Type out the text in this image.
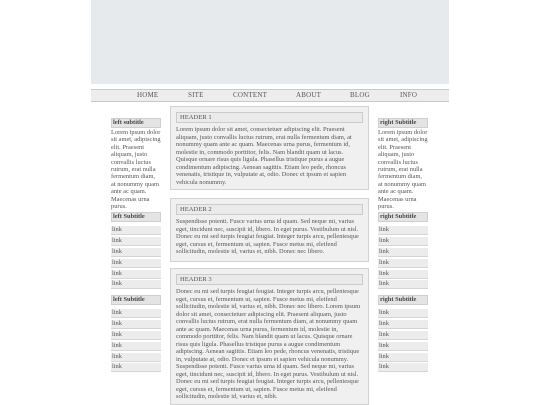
HOME	SITE	CONTENT	ABOUT	BLOG	INFO
left subtitle
Lorem ipsum dolor sit amet, adipiscing elit. Praesent aliquam, justo convallis luctus rutrum, erat nulla fermentum diam, at nonummy quam ante ac quam. Maecenas urna purus.
left Subtitle
link
link
link
link
link
link
left Subtitle
link
link
link
link
link
link
HEADER 1
Lorem ipsum dolor sit amet, consectetuer adipiscing elit. Praesent aliquam, justo convallis luctus rutrum, erat nulla fermentum diam, at nonummy quam ante ac quam. Maecenas urna purus, fermentum id, molestie in, commodo porttitor, felis. Nam blandit quam ut lacus. Quisque ornare risus quis ligula. Phasellus tristique purus a augue condimentum adipiscing. Aenean sagittis. Etiam leo pede, rhoncus venenatis, tristique in, vulputate at, odio. Donec et ipsum et sapien vehicula nonummy.
HEADER 2
Suspendisse potenti. Fusce varius urna id quam. Sed neque mi, varius eget, tincidunt nec, suscipit id, libero. In eget purus. Vestibulum ut nisl. Donec eu mi sed turpis feugiat feugiat. Integer turpis arcu, pellentesque eget, cursus et, fermentum ut, sapien. Fusce metus mi, eleifend sollicitudin, molestie id, varius et, nibh. Donec nec libero.
HEADER 3
Donec eu mi sed turpis feugiat feugiat. Integer turpis arcu, pellentesque eget, cursus et, fermentum ut, sapien. Fusce metus mi, eleifend sollicitudin, molestie id, varius et, nibh. Donec nec libero. Lorem ipsum dolor sit amet, consectetuer adipiscing elit. Praesent aliquam, justo convallis luctus rutrum, erat nulla fermentum diam, at nonummy quam ante ac quam. Maecenas urna purus, fermentum id, molestie in, commodo porttitor, felis. Nam blandit quam ut lacus. Quisque ornare risus quis ligula. Phasellus tristique purus a augue condimentum adipiscing. Aenean sagittis. Etiam leo pede, rhoncus venenatis, tristique in, vulputate at, odio. Donec et ipsum et sapien vehicula nonummy. Suspendisse potenti. Fusce varius urna id quam. Sed neque mi, varius eget, tincidunt nec, suscipit id, libero. In eget purus. Vestibulum ut nisl. Donec eu mi sed turpis feugiat feugiat. Integer turpis arcu, pellentesque eget, cursus et, fermentum ut, sapien. Fusce metus mi, eleifend sollicitudin, molestie id, varius et, nibh.
right Subtitle
Lorem ipsum dolor sit amet, adipiscing elit. Praesent aliquam, justo convallis luctus rutrum, erat nulla fermentum diam, at nonummy quam ante ac quam. Maecenas urna purus.
right Subtitle
link
link
link
link
link
link
right Subtitle
link
link
link
link
link
link
